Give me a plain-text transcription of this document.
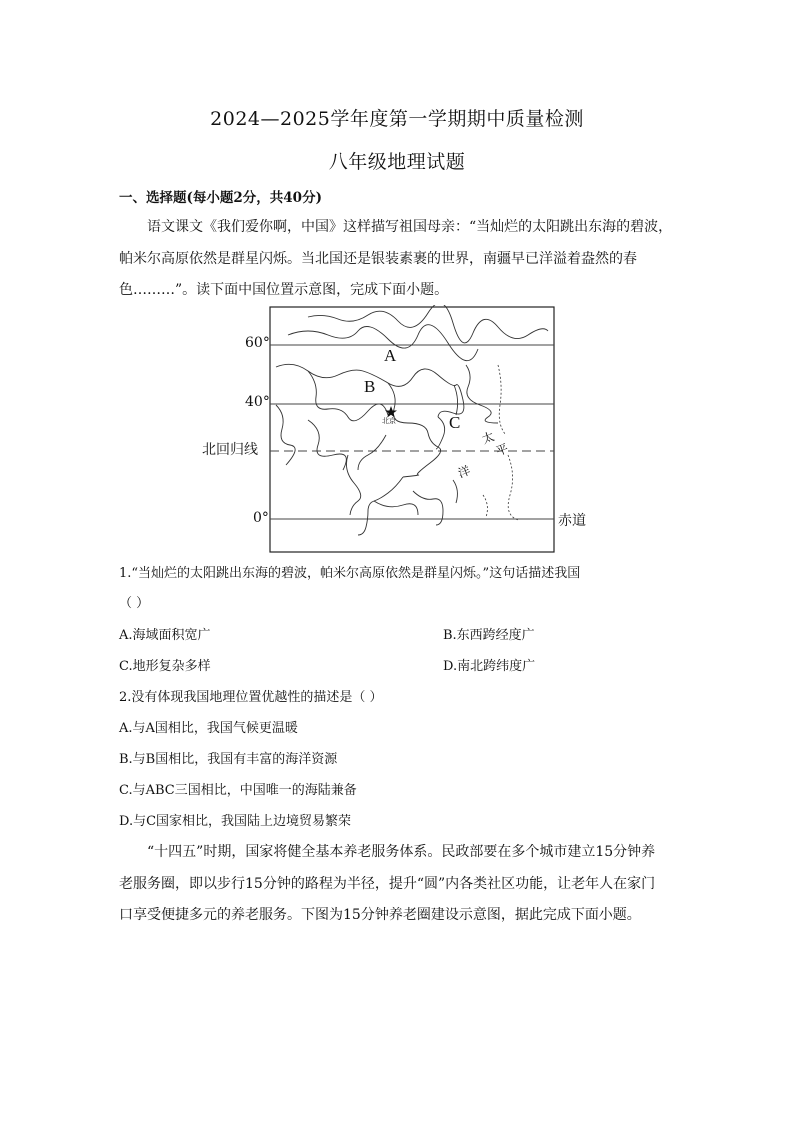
2024—2025学年度第一学期期中质量检测
八年级地理试题
一、选择题(每小题2分，共40分)
语文课文《我们爱你啊，中国》这样描写祖国母亲：“当灿烂的太阳跳出东海的碧波，
帕米尔高原依然是群星闪烁。当北国还是银装素裹的世界，南疆早已洋溢着盎然的春
色………”。读下面中国位置示意图，完成下面小题。
60°
40°
北回归线
0°	赤道
A
B
C
北京
太
平
洋
1.“当灿烂的太阳跳出东海的碧波，帕米尔高原依然是群星闪烁。”这句话描述我国
（ ）
A.海域面积宽广	B.东西跨经度广
C.地形复杂多样	D.南北跨纬度广
2.没有体现我国地理位置优越性的描述是（ ）
A.与A国相比，我国气候更温暖
B.与B国相比，我国有丰富的海洋资源
C.与ABC三国相比，中国唯一的海陆兼备
D.与C国家相比，我国陆上边境贸易繁荣
“十四五”时期，国家将健全基本养老服务体系。民政部要在多个城市建立15分钟养
老服务圈，即以步行15分钟的路程为半径，提升“圆”内各类社区功能，让老年人在家门
口享受便捷多元的养老服务。下图为15分钟养老圈建设示意图，据此完成下面小题。
